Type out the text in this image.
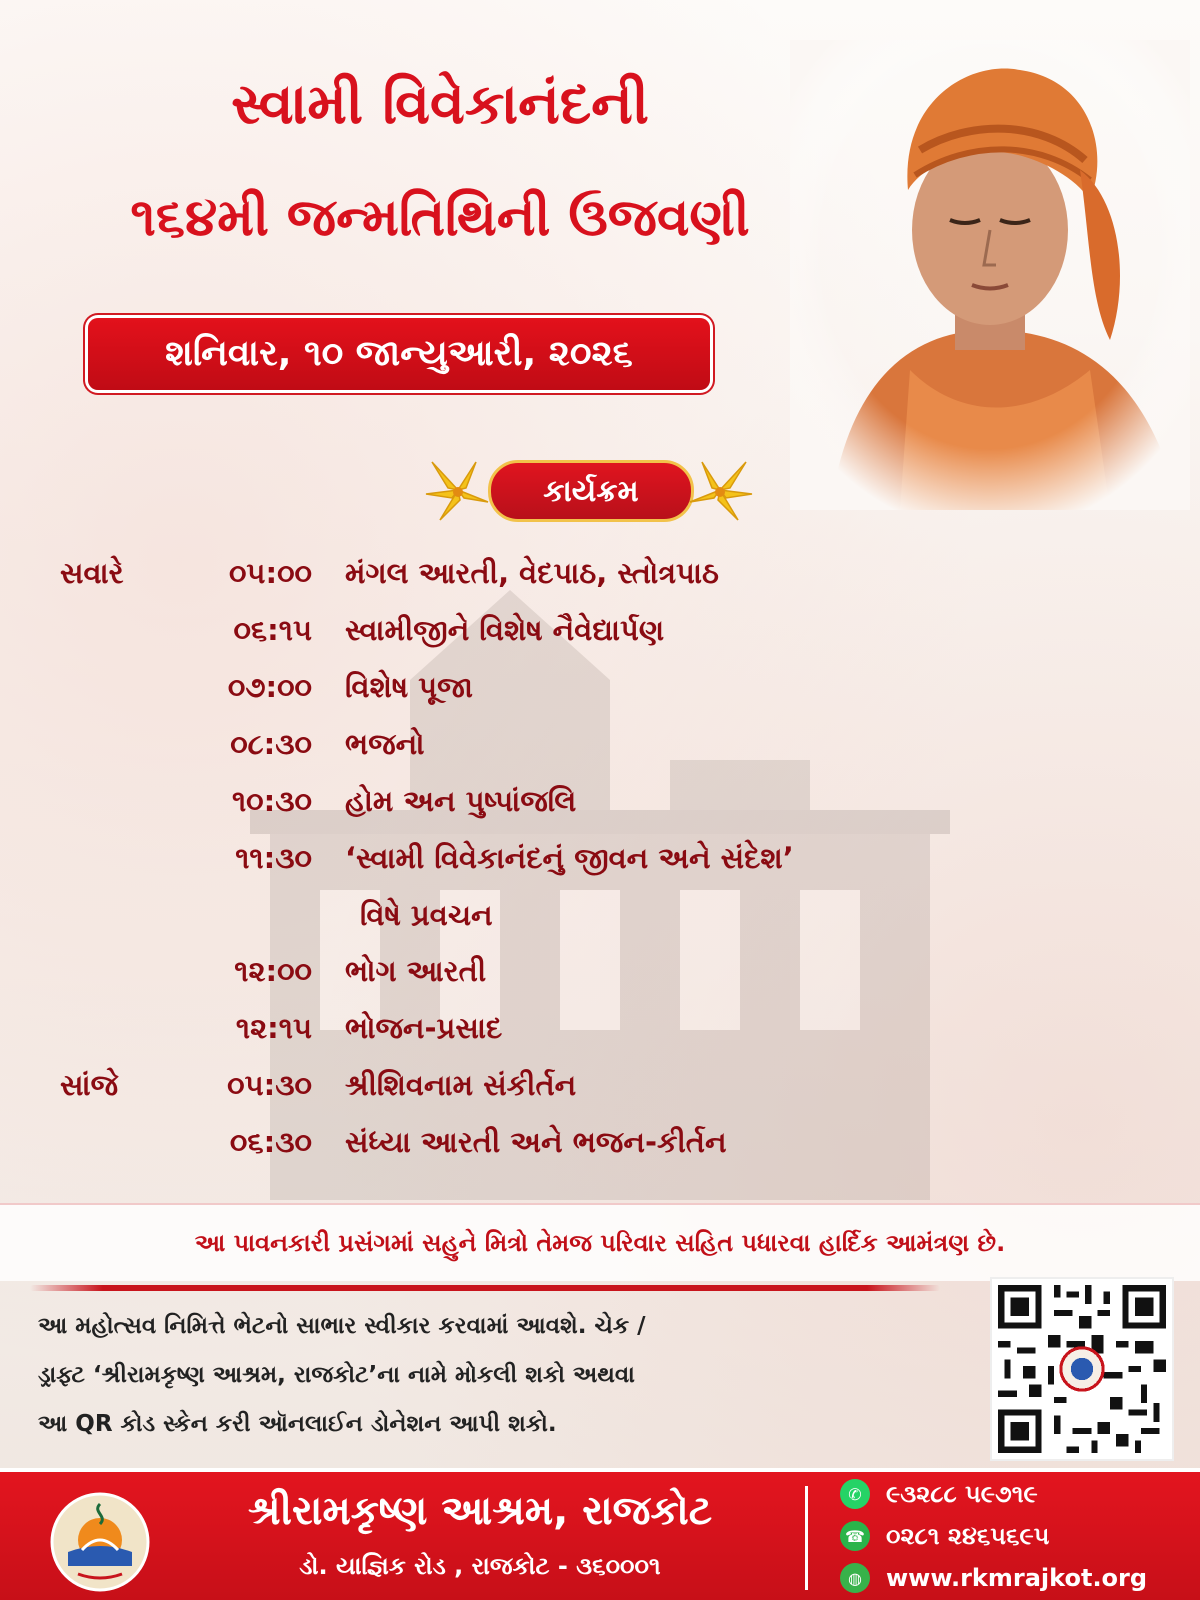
સ્વામી વિવેકાનંદની
૧૬૪મી જન્મતિથિની ઉજવણી
શનિવાર, ૧૦ જાન્યુઆરી, ૨૦૨૬
કાર્યક્રમ
સવારે	૦૫:૦૦ મંગલ આરતી, વેદપાઠ, સ્તોત્રપાઠ
૦૬:૧૫ સ્વામીજીને વિશેષ નૈવેદ્યાર્પણ
૦૭:૦૦ વિશેષ પૂજા
૦૮:૩૦ ભજનો
૧૦:૩૦ હોમ અન પુષ્પાંજલિ
૧૧:૩૦ ‘સ્વામી વિવેકાનંદનું જીવન અને સંદેશ’
વિષે પ્રવચન
૧૨:૦૦ ભોગ આરતી
૧૨:૧૫ ભોજન-પ્રસાદ
સાંજે	૦૫:૩૦ શ્રીશિવનામ સંકીર્તન
૦૬:૩૦ સંધ્યા આરતી અને ભજન-કીર્તન
આ પાવનકારી પ્રસંગમાં સહુને મિત્રો તેમજ પરિવાર સહિત પધારવા હાર્દિક આમંત્રણ છે.
આ મહોત્સવ નિમિત્તે ભેટનો સાભાર સ્વીકાર કરવામાં આવશે. ચેક /
ડ્રાફ્ટ ‘શ્રીરામકૃષ્ણ આશ્રમ, રાજકોટ’ના નામે મોકલી શકો અથવા
આ QR કોડ સ્કેન કરી ઑનલાઈન ડોનેશન આપી શકો.
શ્રીરામકૃષ્ણ આશ્રમ, રાજકોટ
ડો. યાજ્ઞિક રોડ , રાજકોટ - ૩૬૦૦૦૧
✆	૯૩૨૮૮ ૫૯૭૧૯
☎ ૦૨૮૧ ૨૪૬૫૬૯૫
◍	www.rkmrajkot.org
